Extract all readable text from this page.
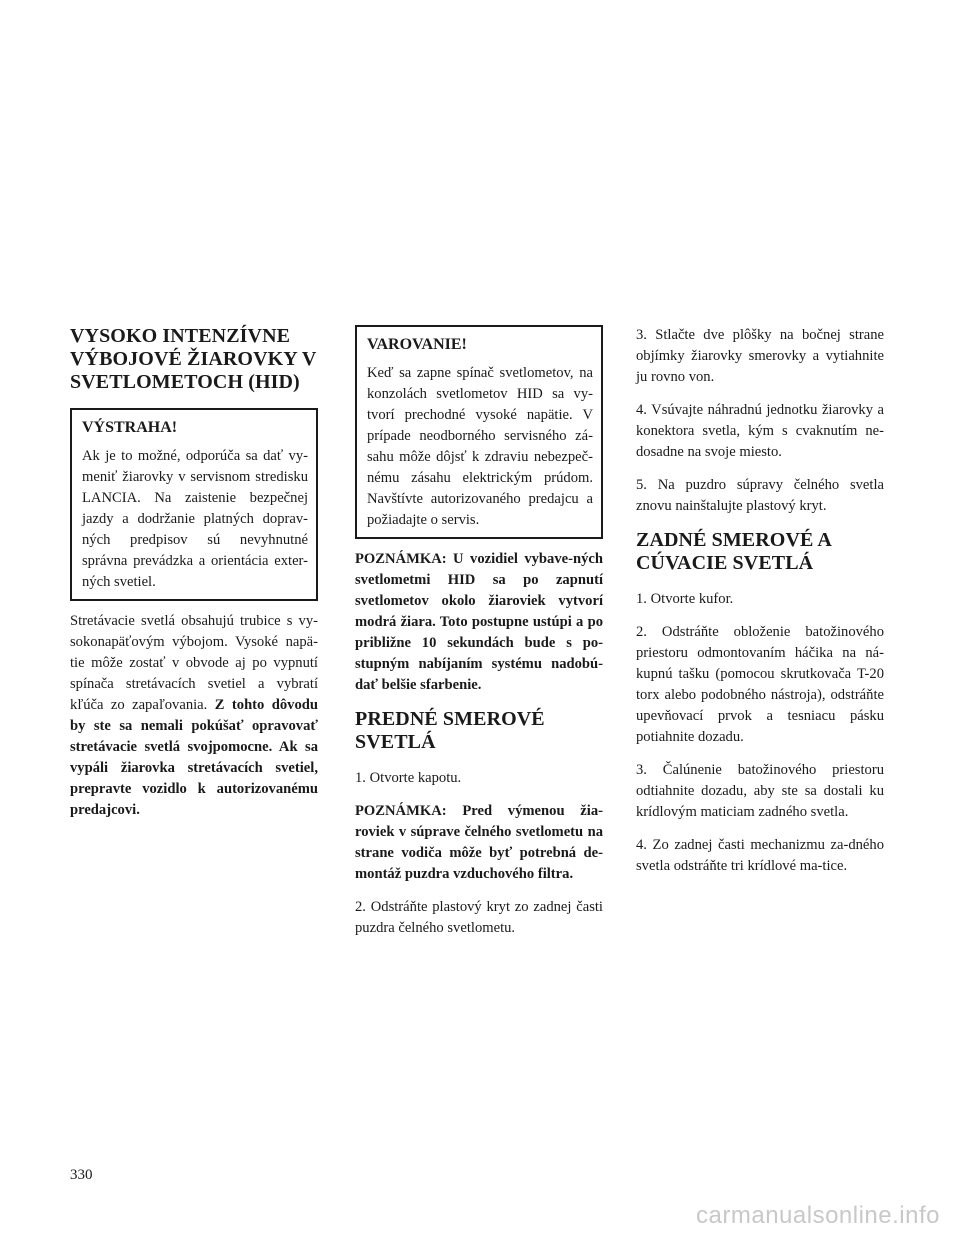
VYSOKO INTENZÍVNE VÝBOJOVÉ ŽIAROVKY V SVETLOMETOCH (HID)
VÝSTRAHA!

Ak je to možné, odporúča sa dať vy-meniť žiarovky v servisnom stredisku LANCIA. Na zaistenie bezpečnej jazdy a dodržanie platných doprav-ných predpisov sú nevyhnutné správna prevádzka a orientácia exter-ných svetiel.

Stretávacie svetlá obsahujú trubice s vy-sokonapäťovým výbojom. Vysoké napä-tie môže zostať v obvode aj po vypnutí spínača stretávacích svetiel a vybratí kľúča zo zapaľovania. Z tohto dôvodu by ste sa nemali pokúšať opravovať stretávacie svetlá svojpomocne. Ak sa vypáli žiarovka stretávacích svetiel, prepravte vozidlo k autorizovanému predajcovi.

VAROVANIE!

Keď sa zapne spínač svetlometov, na konzolách svetlometov HID sa vy-tvorí prechodné vysoké napätie. V prípade neodborného servisného zá-sahu môže dôjsť k zdraviu nebezpeč-nému zásahu elektrickým prúdom. Navštívte autorizovaného predajcu a požiadajte o servis.

POZNÁMKA: U vozidiel vybave-ných svetlometmi HID sa po zapnutí svetlometov okolo žiaroviek vytvorí modrá žiara. Toto postupne ustúpi a po približne 10 sekundách bude s po-stupným nabíjaním systému nadobú-dať belšie sfarbenie.

PREDNÉ SMEROVÉ SVETLÁ

1. Otvorte kapotu.

POZNÁMKA: Pred výmenou žia-roviek v súprave čelného svetlometu na strane vodiča môže byť potrebná de-montáž puzdra vzduchového filtra.

2. Odstráňte plastový kryt zo zadnej časti puzdra čelného svetlometu.

3. Stlačte dve plôšky na bočnej strane objímky žiarovky smerovky a vytiahnite ju rovno von.

4. Vsúvajte náhradnú jednotku žiarovky a konektora svetla, kým s cvaknutím ne-dosadne na svoje miesto.

5. Na puzdro súpravy čelného svetla znovu nainštalujte plastový kryt.

ZADNÉ SMEROVÉ A CÚVACIE SVETLÁ

1. Otvorte kufor.

2. Odstráňte obloženie batožinového priestoru odmontovaním háčika na ná-kupnú tašku (pomocou skrutkovača T-20 torx alebo podobného nástroja), odstráňte upevňovací prvok a tesniacu pásku potiahnite dozadu.

3. Čalúnenie batožinového priestoru odtiahnite dozadu, aby ste sa dostali ku krídlovým maticiam zadného svetla.

4. Zo zadnej časti mechanizmu za-dného svetla odstráňte tri krídlové ma-tice.

330
carmanualsonline.info
